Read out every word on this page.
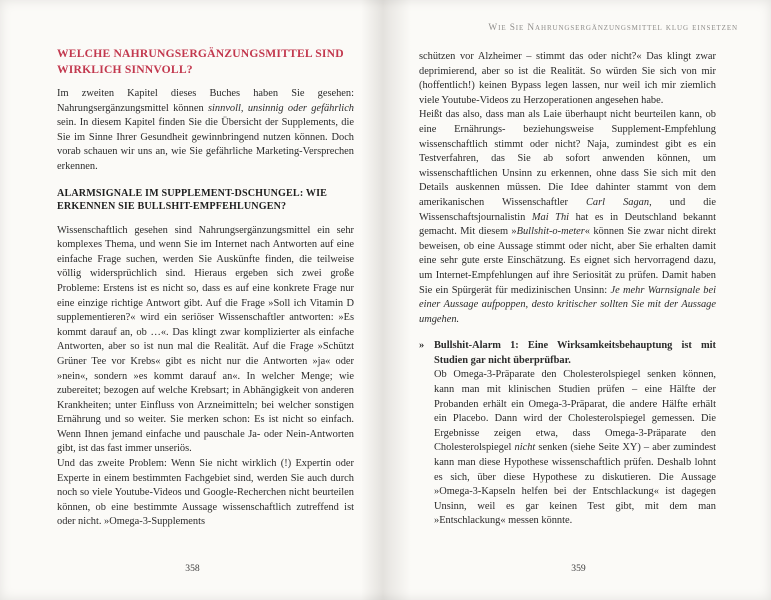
WELCHE NAHRUNGSERGÄNZUNGSMITTEL SIND WIRKLICH SINNVOLL?

Im zweiten Kapitel dieses Buches haben Sie gesehen: Nahrungsergänzungsmittel können sinnvoll, unsinnig oder gefährlich sein. In diesem Kapitel finden Sie die Übersicht der Supplements, die Sie im Sinne Ihrer Gesundheit gewinnbringend nutzen können. Doch vorab schauen wir uns an, wie Sie gefährliche Marketing-Versprechen erkennen.

ALARMSIGNALE IM SUPPLEMENT-DSCHUNGEL: WIE ERKENNEN SIE BULLSHIT-EMPFEHLUNGEN?

Wissenschaftlich gesehen sind Nahrungsergänzungsmittel ein sehr komplexes Thema, und wenn Sie im Internet nach Antworten auf eine einfache Frage suchen, werden Sie Auskünfte finden, die teilweise völlig widersprüchlich sind. Hieraus ergeben sich zwei große Probleme: Erstens ist es nicht so, dass es auf eine konkrete Frage nur eine einzige richtige Antwort gibt. Auf die Frage »Soll ich Vitamin D supplementieren?« wird ein seriöser Wissenschaftler antworten: »Es kommt darauf an, ob …«. Das klingt zwar komplizierter als einfache Antworten, aber so ist nun mal die Realität. Auf die Frage »Schützt Grüner Tee vor Krebs« gibt es nicht nur die Antworten »ja« oder »nein«, sondern »es kommt darauf an«. In welcher Menge; wie zubereitet; bezogen auf welche Krebsart; in Abhängigkeit von anderen Krankheiten; unter Einfluss von Arzneimitteln; bei welcher sonstigen Ernährung und so weiter. Sie merken schon: Es ist nicht so einfach. Wenn Ihnen jemand einfache und pauschale Ja- oder Nein-Antworten gibt, ist das fast immer unseriös.

Und das zweite Problem: Wenn Sie nicht wirklich (!) Expertin oder Experte in einem bestimmten Fachgebiet sind, werden Sie auch durch noch so viele Youtube-Videos und Google-Recherchen nicht beurteilen können, ob eine bestimmte Aussage wissenschaftlich zutreffend ist oder nicht. »Omega-3-Supplements

358
Wie Sie Nahrungsergänzungsmittel klug einsetzen

schützen vor Alzheimer – stimmt das oder nicht?« Das klingt zwar deprimierend, aber so ist die Realität. So würden Sie sich von mir (hoffentlich!) keinen Bypass legen lassen, nur weil ich mir ziemlich viele Youtube-Videos zu Herzoperationen angesehen habe.

Heißt das also, dass man als Laie überhaupt nicht beurteilen kann, ob eine Ernährungs- beziehungsweise Supplement-Empfehlung wissenschaftlich stimmt oder nicht? Naja, zumindest gibt es ein Testverfahren, das Sie ab sofort anwenden können, um wissenschaftlichen Unsinn zu erkennen, ohne dass Sie sich mit den Details auskennen müssen. Die Idee dahinter stammt von dem amerikanischen Wissenschaftler Carl Sagan, und die Wissenschaftsjournalistin Mai Thi hat es in Deutschland bekannt gemacht. Mit diesem »Bullshit-o-meter« können Sie zwar nicht direkt beweisen, ob eine Aussage stimmt oder nicht, aber Sie erhalten damit eine sehr gute erste Einschätzung. Es eignet sich hervorragend dazu, um Internet-Empfehlungen auf ihre Seriosität zu prüfen. Damit haben Sie ein Spürgerät für medizinischen Unsinn: Je mehr Warnsignale bei einer Aussage aufpoppen, desto kritischer sollten Sie mit der Aussage umgehen.

» Bullshit-Alarm 1: Eine Wirksamkeitsbehauptung ist mit Studien gar nicht überprüfbar.

Ob Omega-3-Präparate den Cholesterolspiegel senken können, kann man mit klinischen Studien prüfen – eine Hälfte der Probanden erhält ein Omega-3-Präparat, die andere Hälfte erhält ein Placebo. Dann wird der Cholesterolspiegel gemessen. Die Ergebnisse zeigen etwa, dass Omega-3-Präparate den Cholesterolspiegel nicht senken (siehe Seite XY) – aber zumindest kann man diese Hypothese wissenschaftlich prüfen. Deshalb lohnt es sich, über diese Hypothese zu diskutieren. Die Aussage »Omega-3-Kapseln helfen bei der Entschlackung« ist dagegen Unsinn, weil es gar keinen Test gibt, mit dem man »Entschlackung« messen könnte.

359
